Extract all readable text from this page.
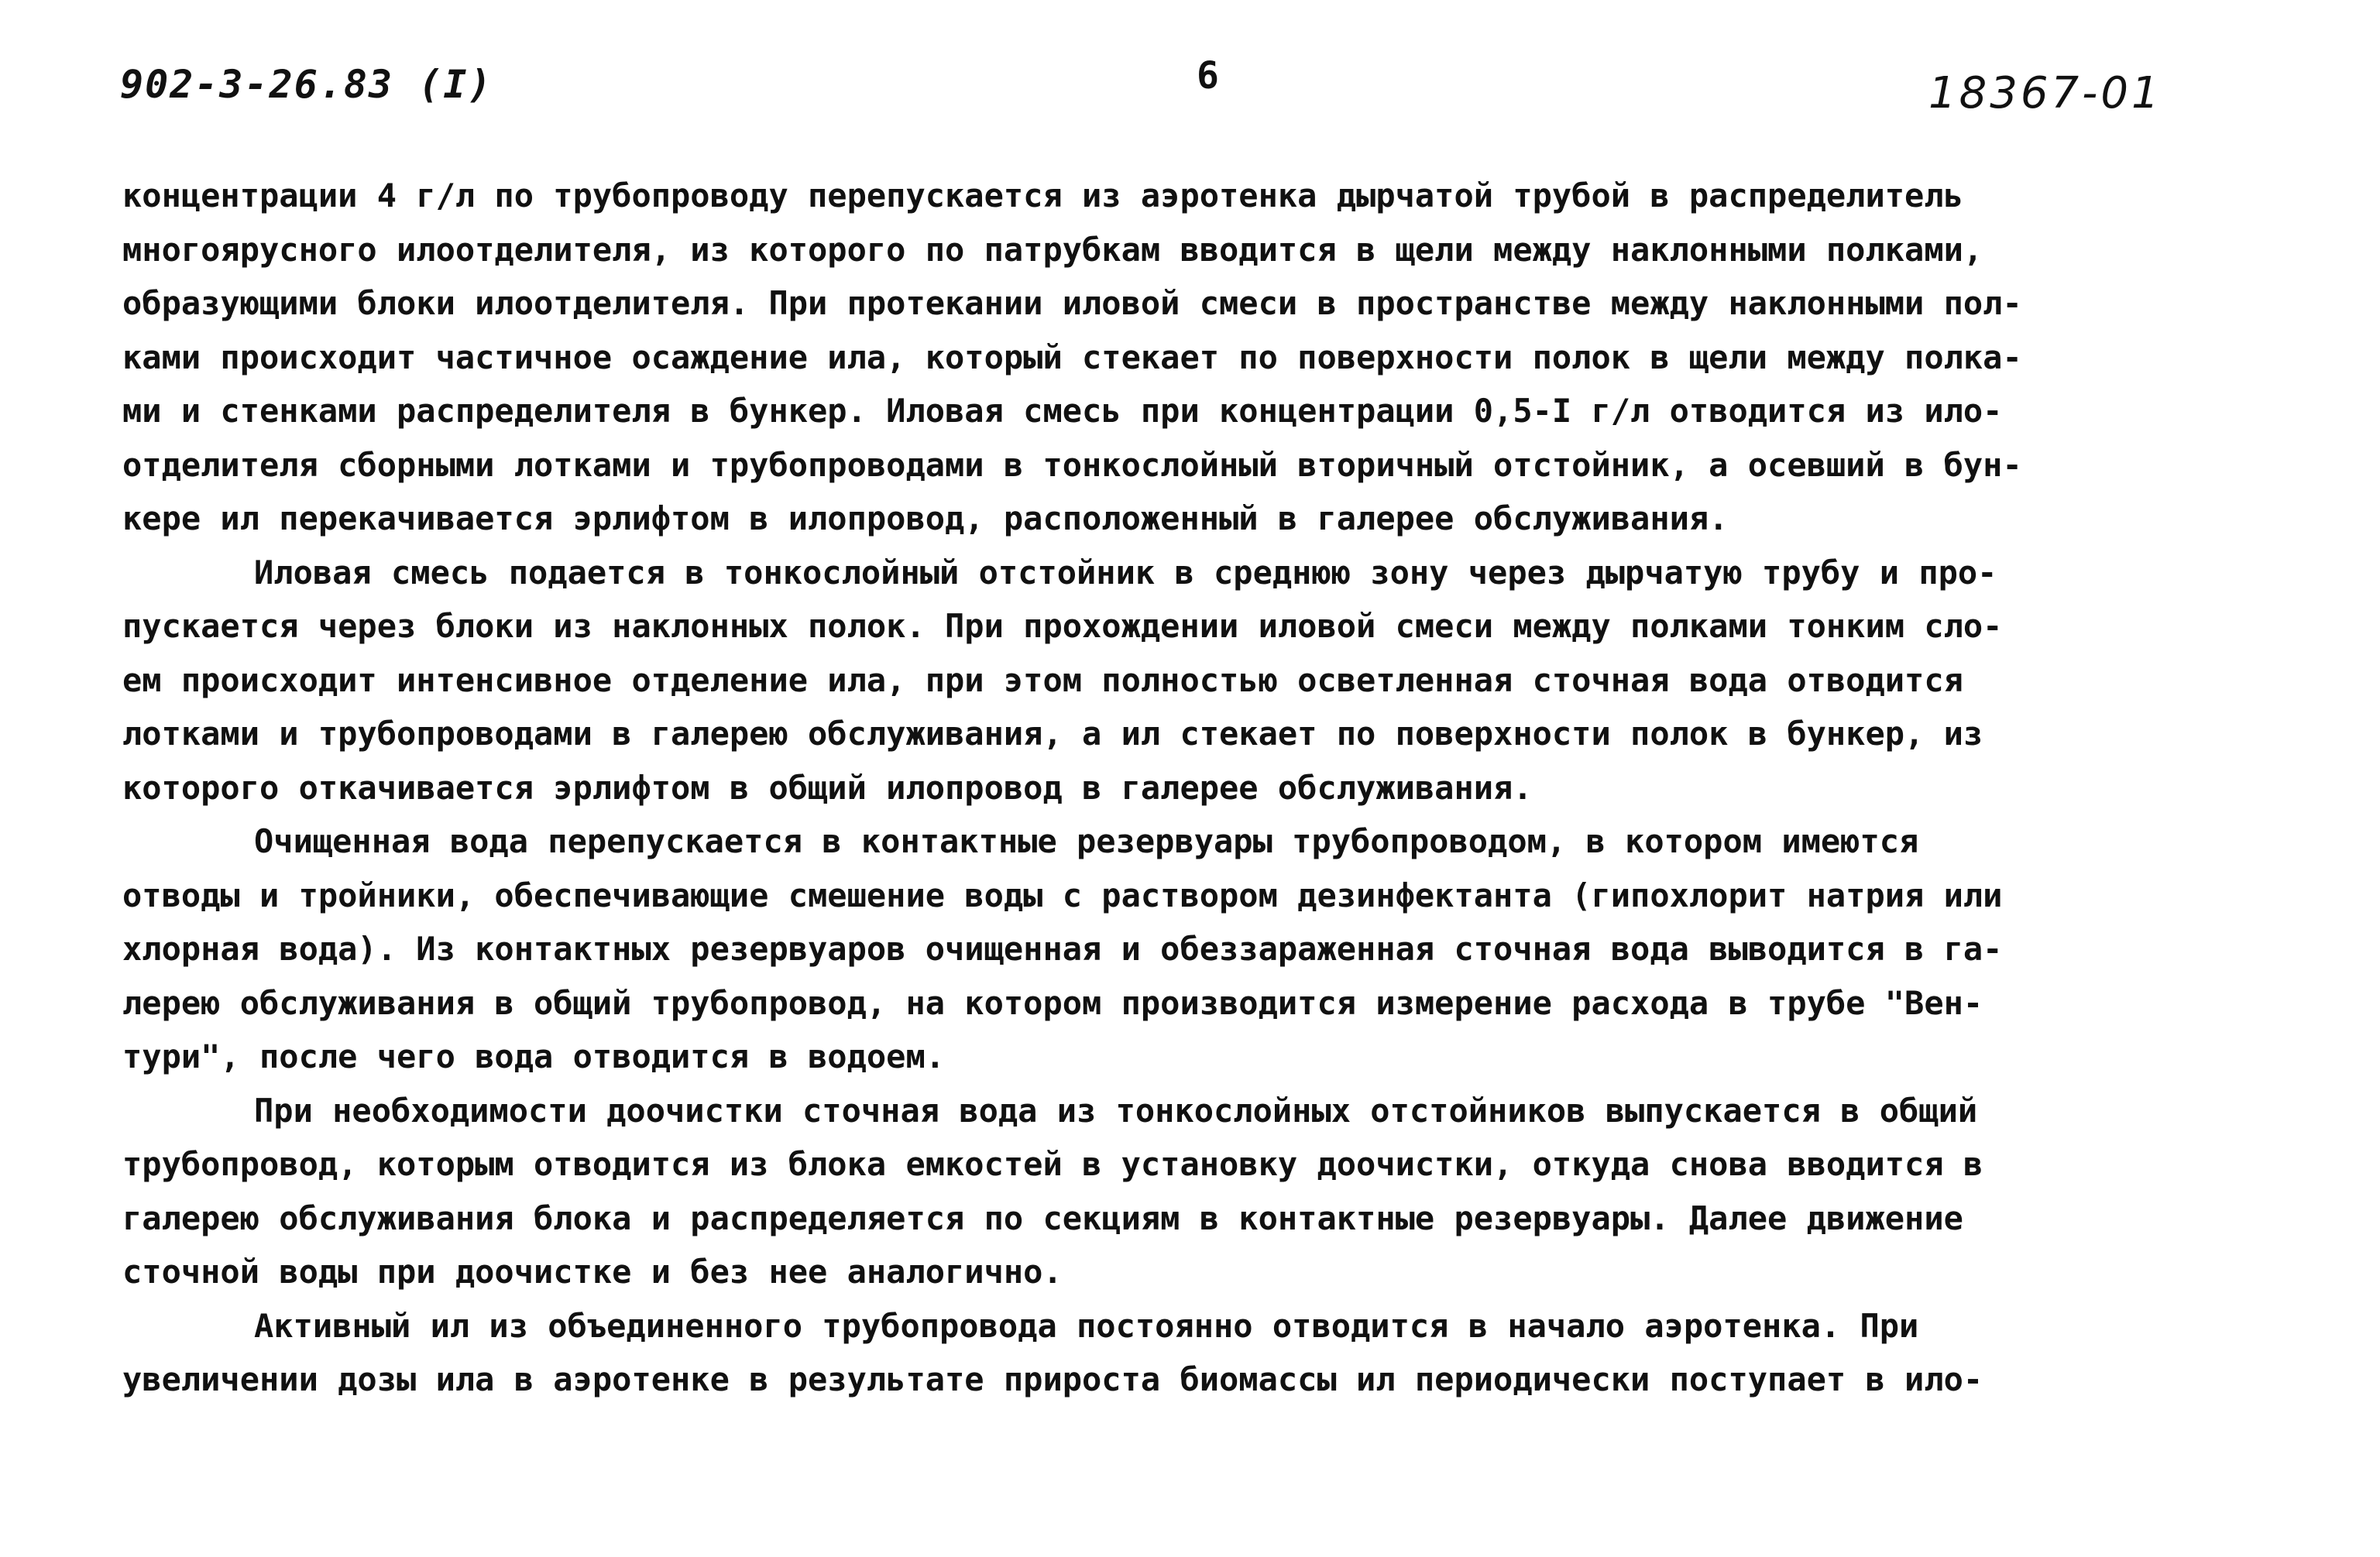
902-3-26.83 (I)	6	18367-01
концентрации 4 г/л по трубопроводу перепускается из аэротенка дырчатой трубой в распределитель
многоярусного илоотделителя, из которого по патрубкам вводится в щели между наклонными полками,
образующими блоки илоотделителя. При протекании иловой смеси в пространстве между наклонными пол-
ками происходит частичное осаждение ила, который стекает по поверхности полок в щели между полка-
ми и стенками распределителя в бункер. Иловая смесь при концентрации 0,5-I г/л отводится из ило-
отделителя сборными лотками и трубопроводами в тонкослойный вторичный отстойник, а осевший в бун-
кере ил перекачивается эрлифтом в илопровод, расположенный в галерее обслуживания.
Иловая смесь подается в тонкослойный отстойник в среднюю зону через дырчатую трубу и про-
пускается через блоки из наклонных полок. При прохождении иловой смеси между полками тонким сло-
ем происходит интенсивное отделение ила, при этом полностью осветленная сточная вода отводится
лотками и трубопроводами в галерею обслуживания, а ил стекает по поверхности полок в бункер, из
которого откачивается эрлифтом в общий илопровод в галерее обслуживания.
Очищенная вода перепускается в контактные резервуары трубопроводом, в котором имеются
отводы и тройники, обеспечивающие смешение воды с раствором дезинфектанта (гипохлорит натрия или
хлорная вода). Из контактных резервуаров очищенная и обеззараженная сточная вода выводится в га-
лерею обслуживания в общий трубопровод, на котором производится измерение расхода в трубе "Вен-
тури", после чего вода отводится в водоем.
При необходимости доочистки сточная вода из тонкослойных отстойников выпускается в общий
трубопровод, которым отводится из блока емкостей в установку доочистки, откуда снова вводится в
галерею обслуживания блока и распределяется по секциям в контактные резервуары. Далее движение
сточной воды при доочистке и без нее аналогично.
Активный ил из объединенного трубопровода постоянно отводится в начало аэротенка. При
увеличении дозы ила в аэротенке в результате прироста биомассы ил периодически поступает в ило-
